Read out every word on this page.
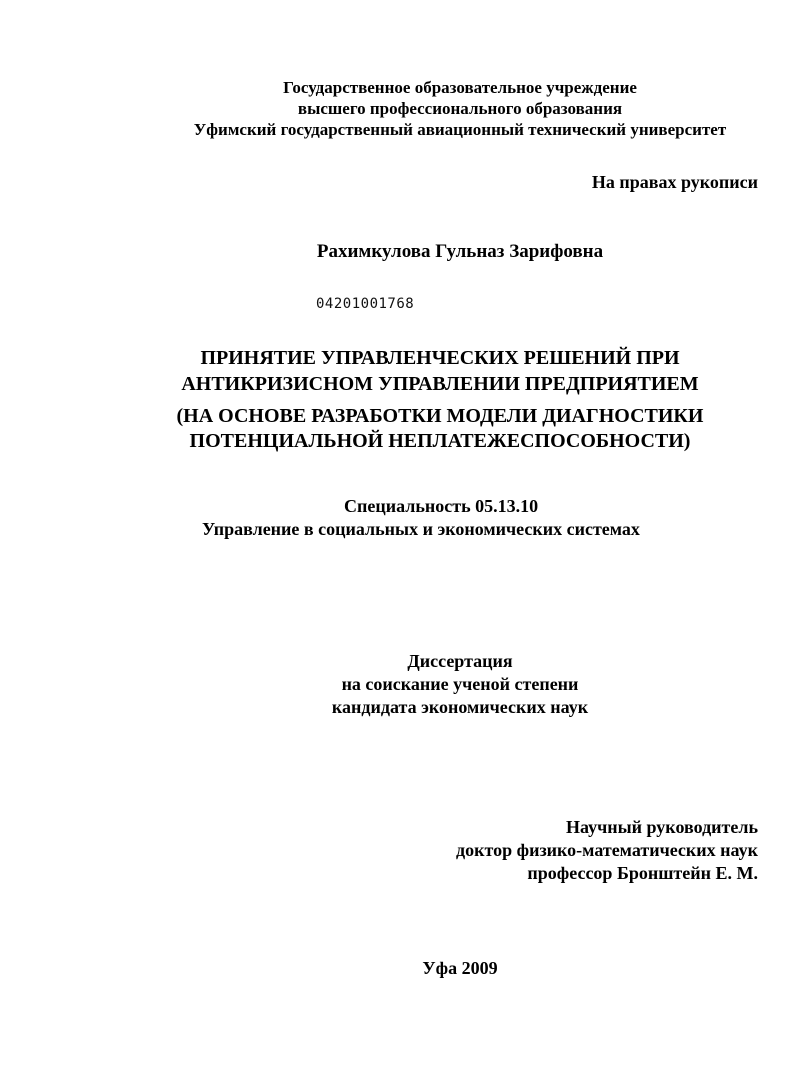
Государственное образовательное учреждение
высшего профессионального образования
Уфимский государственный авиационный технический университет
На правах рукописи
Рахимкулова Гульназ Зарифовна
04201001768
ПРИНЯТИЕ УПРАВЛЕНЧЕСКИХ РЕШЕНИЙ ПРИ
АНТИКРИЗИСНОМ УПРАВЛЕНИИ ПРЕДПРИЯТИЕМ
(НА ОСНОВЕ РАЗРАБОТКИ МОДЕЛИ ДИАГНОСТИКИ
ПОТЕНЦИАЛЬНОЙ НЕПЛАТЕЖЕСПОСОБНОСТИ)
Специальность 05.13.10
Управление в социальных и экономических системах
Диссертация
на соискание ученой степени
кандидата экономических наук
Научный руководитель
доктор физико-математических наук
профессор Бронштейн Е. М.
Уфа 2009
